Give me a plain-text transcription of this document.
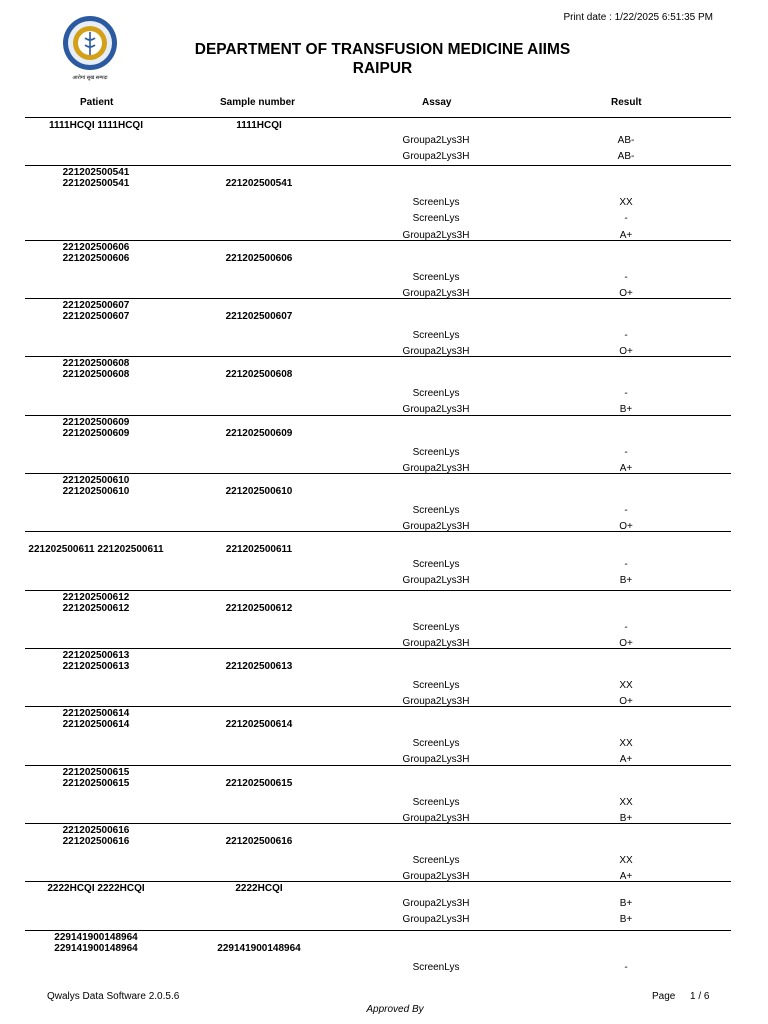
Print date : 1/22/2025 6:51:35 PM
आरोग्यं सुखं सम्पदा
DEPARTMENT OF TRANSFUSION MEDICINE AIIMS
RAIPUR
Patient	Sample number	Assay	Result
1111HCQI 1111HCQI	1111HCQI
Groupa2Lys3H	AB-
Groupa2Lys3H	AB-
221202500541
221202500541	221202500541
ScreenLys	XX
ScreenLys	-
Groupa2Lys3H	A+
221202500606
221202500606	221202500606
ScreenLys	-
Groupa2Lys3H	O+
221202500607
221202500607	221202500607
ScreenLys	-
Groupa2Lys3H	O+
221202500608
221202500608	221202500608
ScreenLys	-
Groupa2Lys3H	B+
221202500609
221202500609	221202500609
ScreenLys	-
Groupa2Lys3H	A+
221202500610
221202500610	221202500610
ScreenLys	-
Groupa2Lys3H	O+
221202500611 221202500611	221202500611
ScreenLys	-
Groupa2Lys3H	B+
221202500612
221202500612	221202500612
ScreenLys	-
Groupa2Lys3H	O+
221202500613
221202500613	221202500613
ScreenLys	XX
Groupa2Lys3H	O+
221202500614
221202500614	221202500614
ScreenLys	XX
Groupa2Lys3H	A+
221202500615
221202500615	221202500615
ScreenLys	XX
Groupa2Lys3H	B+
221202500616
221202500616	221202500616
ScreenLys	XX
Groupa2Lys3H	A+
2222HCQI 2222HCQI	2222HCQI
Groupa2Lys3H	B+
Groupa2Lys3H	B+
229141900148964
229141900148964	229141900148964
ScreenLys	-
Qwalys Data Software 2.0.5.6	Page 1 / 6
Approved By
